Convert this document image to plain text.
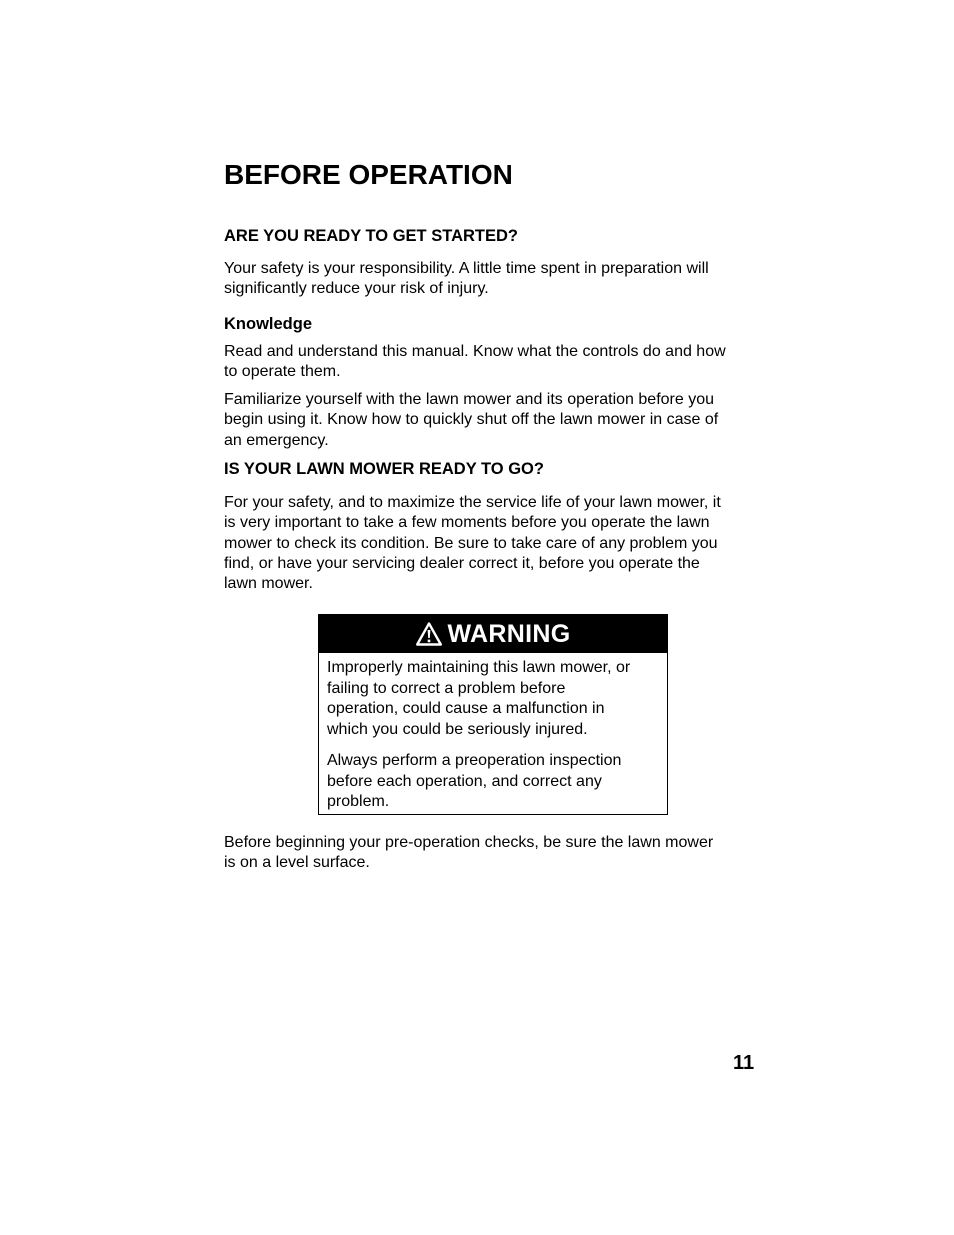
BEFORE OPERATION
ARE YOU READY TO GET STARTED?

Your safety is your responsibility. A little time spent in preparation will
significantly reduce your risk of injury.

Knowledge

Read and understand this manual. Know what the controls do and how
to operate them.

Familiarize yourself with the lawn mower and its operation before you
begin using it. Know how to quickly shut off the lawn mower in case of
an emergency.

IS YOUR LAWN MOWER READY TO GO?

For your safety, and to maximize the service life of your lawn mower, it
is very important to take a few moments before you operate the lawn
mower to check its condition. Be sure to take care of any problem you
find, or have your servicing dealer correct it, before you operate the
lawn mower.

WARNING

Improperly maintaining this lawn mower, or
failing to correct a problem before
operation, could cause a malfunction in
which you could be seriously injured.

Always perform a preoperation inspection
before each operation, and correct any
problem.

Before beginning your pre-operation checks, be sure the lawn mower
is on a level surface.

11
